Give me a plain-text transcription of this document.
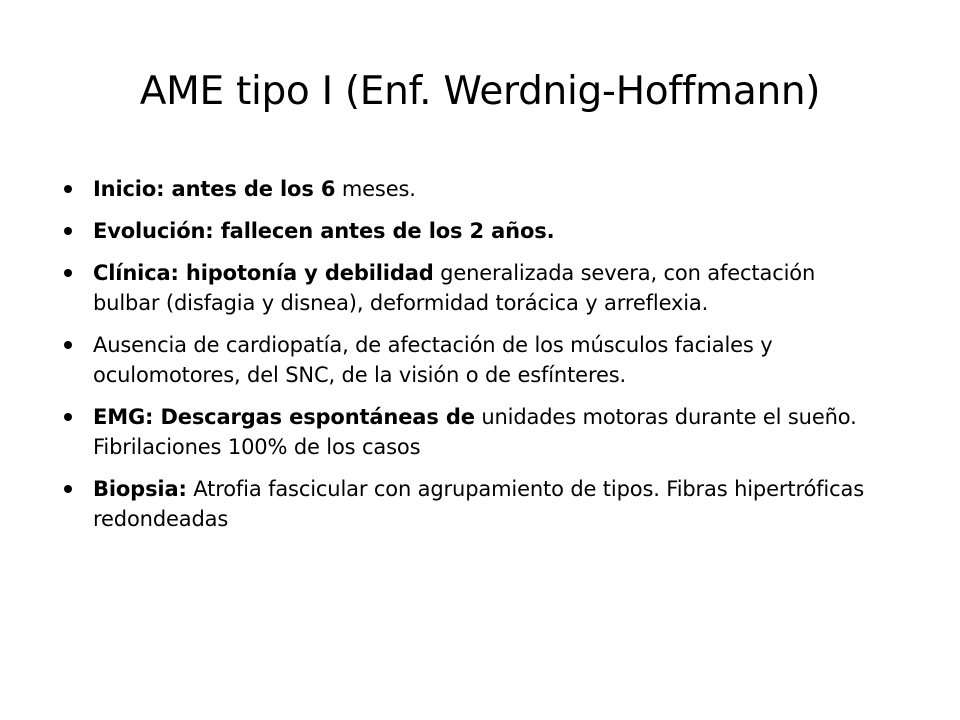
AME tipo I (Enf. Werdnig-Hoffmann)
Inicio: antes de los 6 meses.
Evolución: fallecen antes de los 2 años.
Clínica: hipotonía y debilidad generalizada severa, con afectación bulbar (disfagia y disnea), deformidad torácica y arreflexia.
Ausencia de cardiopatía, de afectación de los músculos faciales y oculomotores, del SNC, de la visión o de esfínteres.
EMG: Descargas espontáneas de unidades motoras durante el sueño. Fibrilaciones 100% de los casos
Biopsia: Atrofia fascicular con agrupamiento de tipos. Fibras hipertróficas redondeadas
